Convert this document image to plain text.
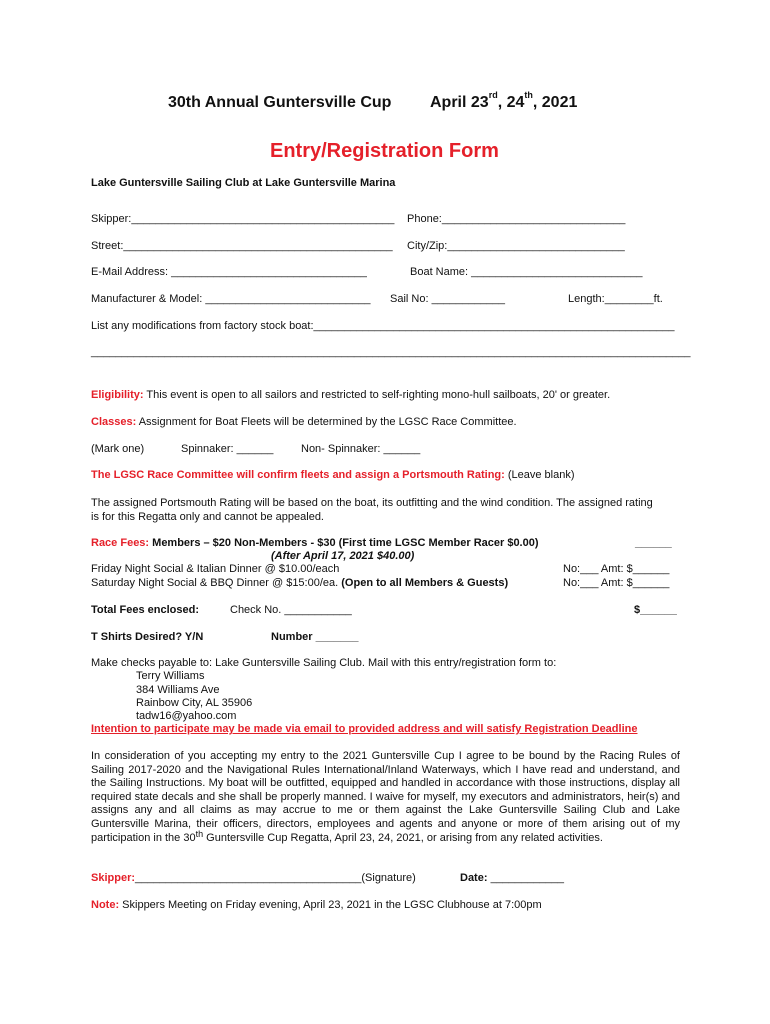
30th Annual Guntersville Cup April 23rd, 24th, 2021
Entry/Registration Form
Lake Guntersville Sailing Club at Lake Guntersville Marina
Skipper:___________________________________________ Phone:______________________________
Street:____________________________________________ City/Zip:_____________________________
E-Mail Address: ________________________________	Boat Name: ____________________________
Manufacturer & Model: ___________________________ Sail No: ____________	Length:________ft.
List any modifications from factory stock boat:___________________________________________________________
__________________________________________________________________________________________________
Eligibility: This event is open to all sailors and restricted to self-righting mono-hull sailboats, 20' or greater.
Classes: Assignment for Boat Fleets will be determined by the LGSC Race Committee.
(Mark one)	Spinnaker: ______	Non- Spinnaker: ______
The LGSC Race Committee will confirm fleets and assign a Portsmouth Rating: (Leave blank)
The assigned Portsmouth Rating will be based on the boat, its outfitting and the wind condition. The assigned rating
is for this Regatta only and cannot be appealed.
Race Fees: Members – $20 Non-Members - $30 (First time LGSC Member Racer $0.00)	______
(After April 17, 2021 $40.00)
Friday Night Social & Italian Dinner @ $10.00/each	No:___ Amt: $______
Saturday Night Social & BBQ Dinner @ $15:00/ea. (Open to all Members & Guests)	No:___ Amt: $______
Total Fees enclosed:	Check No. ___________	$______
T Shirts Desired? Y/N	Number _______
Make checks payable to: Lake Guntersville Sailing Club. Mail with this entry/registration form to:
Terry Williams
384 Williams Ave
Rainbow City, AL 35906
tadw16@yahoo.com
Intention to participate may be made via email to provided address and will satisfy Registration Deadline
In consideration of you accepting my entry to the 2021 Guntersville Cup I agree to be bound by the Racing Rules of Sailing 2017-2020 and the Navigational Rules International/Inland Waterways, which I have read and understand, and the Sailing Instructions. My boat will be outfitted, equipped and handled in accordance with those instructions, display all required state decals and she shall be properly manned. I waive for myself, my executors and administrators, heir(s) and assigns any and all claims as may accrue to me or them against the Lake Guntersville Sailing Club and Lake Guntersville Marina, their officers, directors, employees and agents and anyone or more of them arising out of my participation in the 30th Guntersville Cup Regatta, April 23, 24, 2021, or arising from any related activities.
Skipper:_____________________________________(Signature)	Date: ____________
Note: Skippers Meeting on Friday evening, April 23, 2021 in the LGSC Clubhouse at 7:00pm
